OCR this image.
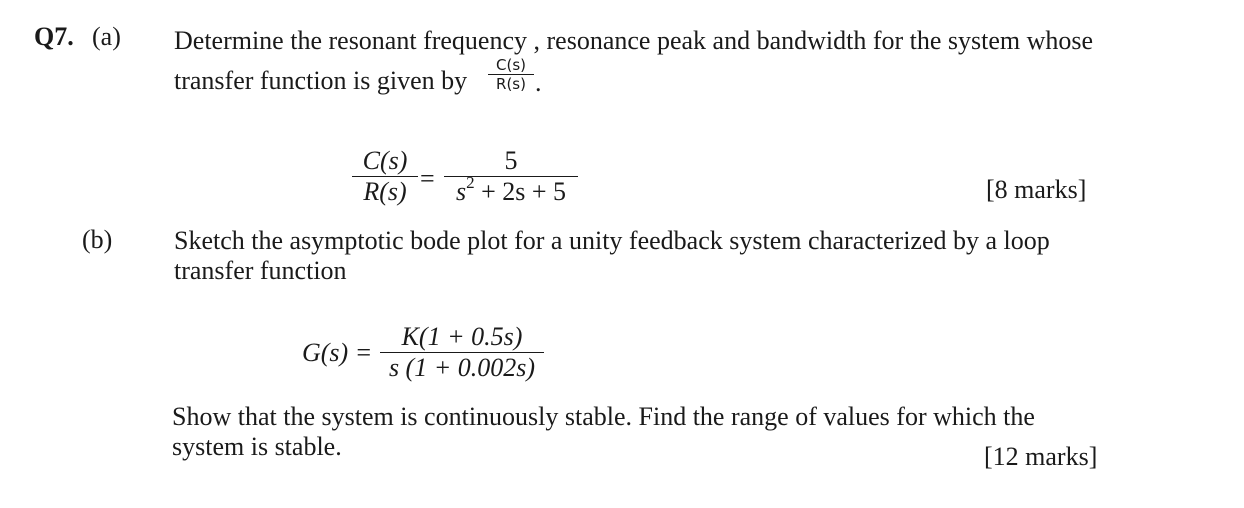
Q7. (a) Determine the resonant frequency , resonance peak and bandwidth for the system whose
transfer function is given by
C(s)
R(s) .
C(s)
R(s) =
5
$s^2 + 2s + 5$	[8 marks]
(b) Sketch the asymptotic bode plot for a unity feedback system characterized by a loop
transfer function
G(s) =
K(1 + 0.5s)
s (1 + 0.002s)
Show that the system is continuously stable. Find the range of values for which the
system is stable.	[12 marks]
